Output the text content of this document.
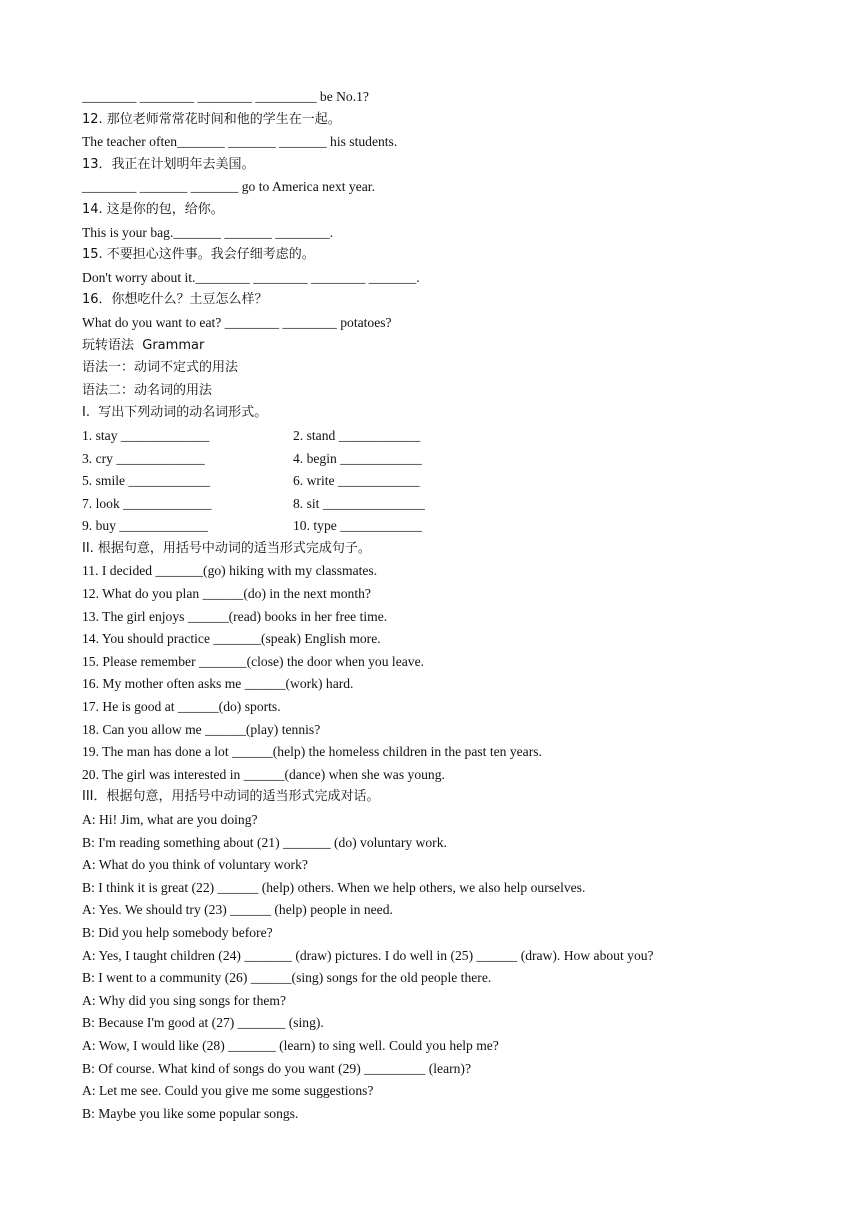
________ ________ ________ _________ be No.1?

12. 那位老师常常花时间和他的学生在一起。

The teacher often_______ _______ _______ his students.

13．我正在计划明年去美国。

________ _______ _______ go to America next year.

14. 这是你的包，给你。

This is your bag._______ _______ ________.

15. 不要担心这件事。我会仔细考虑的。

Don't worry about it.________ ________ ________ _______.

16．你想吃什么？土豆怎么样？

What do you want to eat? ________ ________ potatoes?

玩转语法  Grammar

语法一：动词不定式的用法

语法二：动名词的用法

I.  写出下列动词的动名词形式。

1. stay _____________	2. stand ____________
3. cry _____________	4. begin ____________
5. smile ____________	6. write ____________
7. look _____________	8. sit _______________
9. buy _____________	10. type ____________

II. 根据句意，用括号中动词的适当形式完成句子。

11. I decided _______(go) hiking with my classmates.

12. What do you plan ______(do) in the next month?

13. The girl enjoys ______(read) books in her free time.

14. You should practice _______(speak) English more.

15. Please remember _______(close) the door when you leave.

16. My mother often asks me ______(work) hard.

17. He is good at ______(do) sports.

18. Can you allow me ______(play) tennis?

19. The man has done a lot ______(help) the homeless children in the past ten years.

20. The girl was interested in ______(dance) when she was young.

III．根据句意，用括号中动词的适当形式完成对话。

A: Hi! Jim, what are you doing?

B: I'm reading something about (21) _______ (do) voluntary work.

A: What do you think of voluntary work?

B: I think it is great (22) ______ (help) others. When we help others, we also help ourselves.

A: Yes. We should try (23) ______ (help) people in need.

B: Did you help somebody before?

A: Yes, I taught children (24) _______ (draw) pictures. I do well in (25) ______ (draw). How about you?

B: I went to a community (26) ______(sing) songs for the old people there.

A: Why did you sing songs for them?

B: Because I'm good at (27) _______ (sing).

A: Wow, I would like (28) _______ (learn) to sing well. Could you help me?

B: Of course. What kind of songs do you want (29) _________ (learn)?

A: Let me see. Could you give me some suggestions?

B: Maybe you like some popular songs.
